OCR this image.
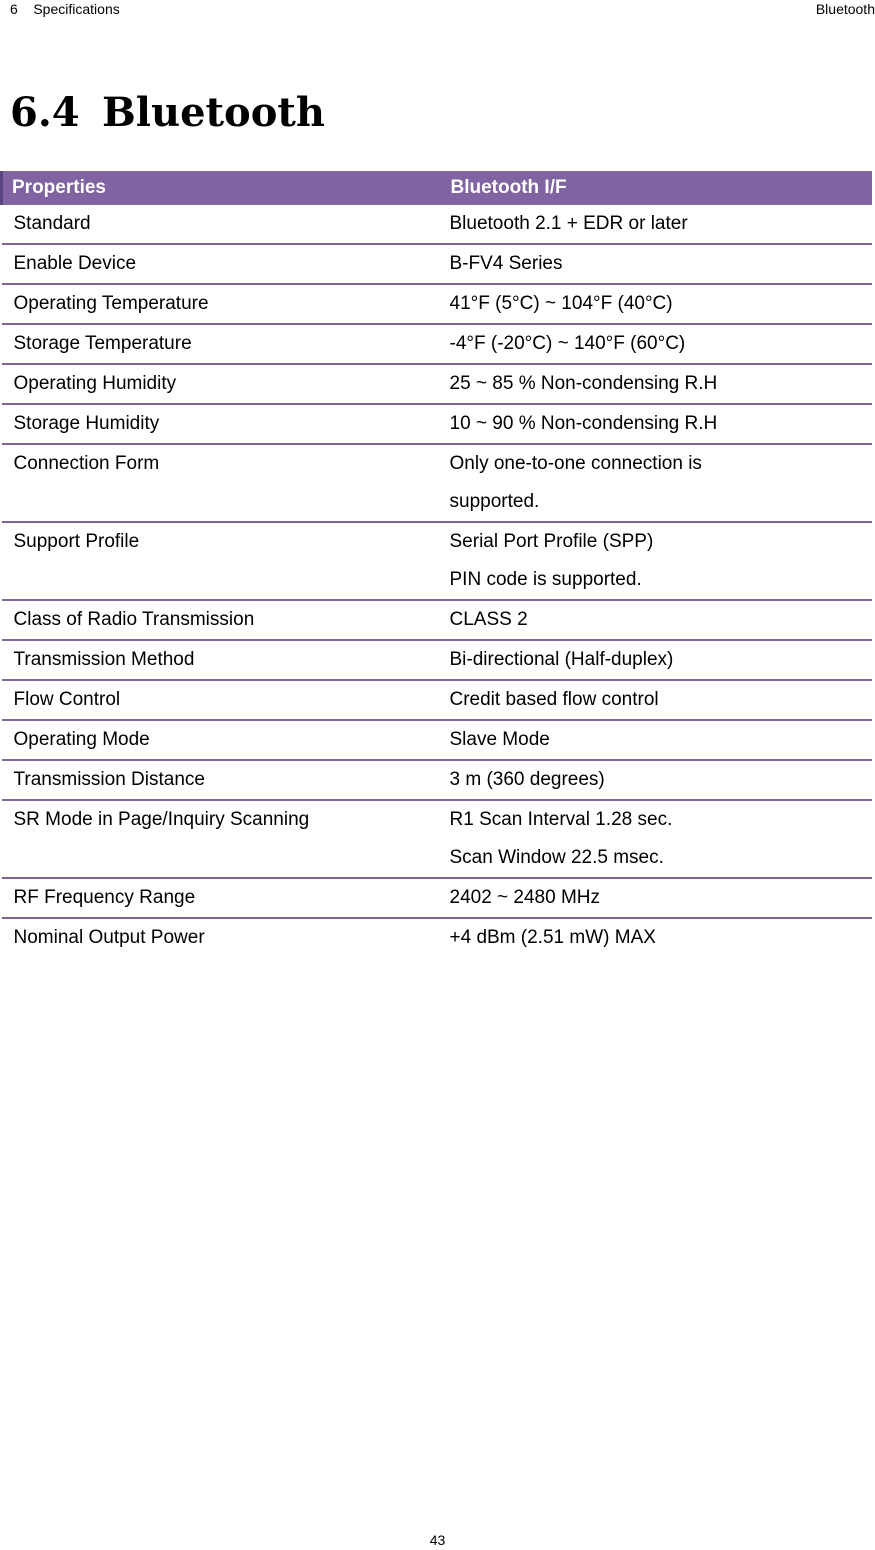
6    Specifications	Bluetooth
6.4 Bluetooth
Properties	Bluetooth I/F
Standard	Bluetooth 2.1 + EDR or later

Enable Device	B-FV4 Series

Operating Temperature	41°F (5°C) ~ 104°F (40°C)

Storage Temperature	-4°F (-20°C) ~ 140°F (60°C)

Operating Humidity	25 ~ 85 % Non-condensing R.H

Storage Humidity	10 ~ 90 % Non-condensing R.H

Connection Form	Only one-to-one connection is
supported.

Support Profile	Serial Port Profile (SPP)
PIN code is supported.

Class of Radio Transmission	CLASS 2

Transmission Method	Bi-directional (Half-duplex)

Flow Control	Credit based flow control

Operating Mode	Slave Mode

Transmission Distance	3 m (360 degrees)

SR Mode in Page/Inquiry Scanning	R1 Scan Interval 1.28 sec.
Scan Window 22.5 msec.

RF Frequency Range	2402 ~ 2480 MHz

Nominal Output Power	+4 dBm (2.51 mW) MAX
43
